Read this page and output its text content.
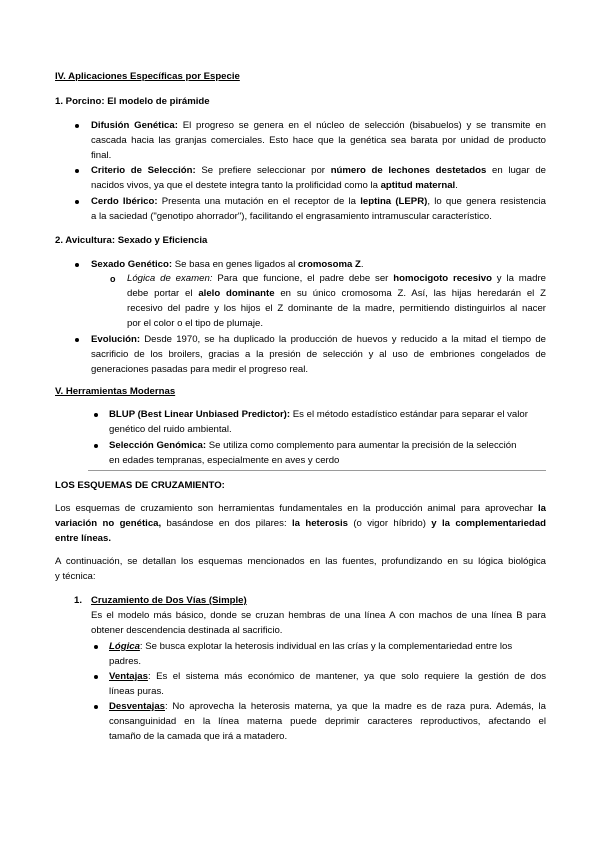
IV. Aplicaciones Específicas por Especie
1. Porcino: El modelo de pirámide
Difusión Genética: El progreso se genera en el núcleo de selección (bisabuelos) y se transmite en
cascada hacia las granjas comerciales. Esto hace que la genética sea barata por unidad de producto
final.
Criterio de Selección: Se prefiere seleccionar por número de lechones destetados en lugar de
nacidos vivos, ya que el destete integra tanto la prolificidad como la aptitud maternal.
Cerdo Ibérico: Presenta una mutación en el receptor de la leptina (LEPR), lo que genera resistencia
a la saciedad ("genotipo ahorrador"), facilitando el engrasamiento intramuscular característico.
2. Avicultura: Sexado y Eficiencia
Sexado Genético: Se basa en genes ligados al cromosoma Z.
o Lógica de examen: Para que funcione, el padre debe ser homocigoto recesivo y la madre
debe portar el alelo dominante en su único cromosoma Z. Así, las hijas heredarán el Z
recesivo del padre y los hijos el Z dominante de la madre, permitiendo distinguirlos al nacer
por el color o el tipo de plumaje.
Evolución: Desde 1970, se ha duplicado la producción de huevos y reducido a la mitad el tiempo de
sacrificio de los broilers, gracias a la presión de selección y al uso de embriones congelados de
generaciones pasadas para medir el progreso real.
V. Herramientas Modernas
BLUP (Best Linear Unbiased Predictor): Es el método estadístico estándar para separar el valor
genético del ruido ambiental.
Selección Genómica: Se utiliza como complemento para aumentar la precisión de la selección
en edades tempranas, especialmente en aves y cerdo
LOS ESQUEMAS DE CRUZAMIENTO:
Los esquemas de cruzamiento son herramientas fundamentales en la producción animal para aprovechar la
variación no genética, basándose en dos pilares: la heterosis (o vigor híbrido) y la complementariedad
entre líneas.
A continuación, se detallan los esquemas mencionados en las fuentes, profundizando en su lógica biológica
y técnica:
1. Cruzamiento de Dos Vías (Simple)
Es el modelo más básico, donde se cruzan hembras de una línea A con machos de una línea B para
obtener descendencia destinada al sacrificio.
Lógica: Se busca explotar la heterosis individual en las crías y la complementariedad entre los
padres.
Ventajas: Es el sistema más económico de mantener, ya que solo requiere la gestión de dos
líneas puras.
Desventajas: No aprovecha la heterosis materna, ya que la madre es de raza pura. Además, la
consanguinidad en la línea materna puede deprimir caracteres reproductivos, afectando el
tamaño de la camada que irá a matadero.
